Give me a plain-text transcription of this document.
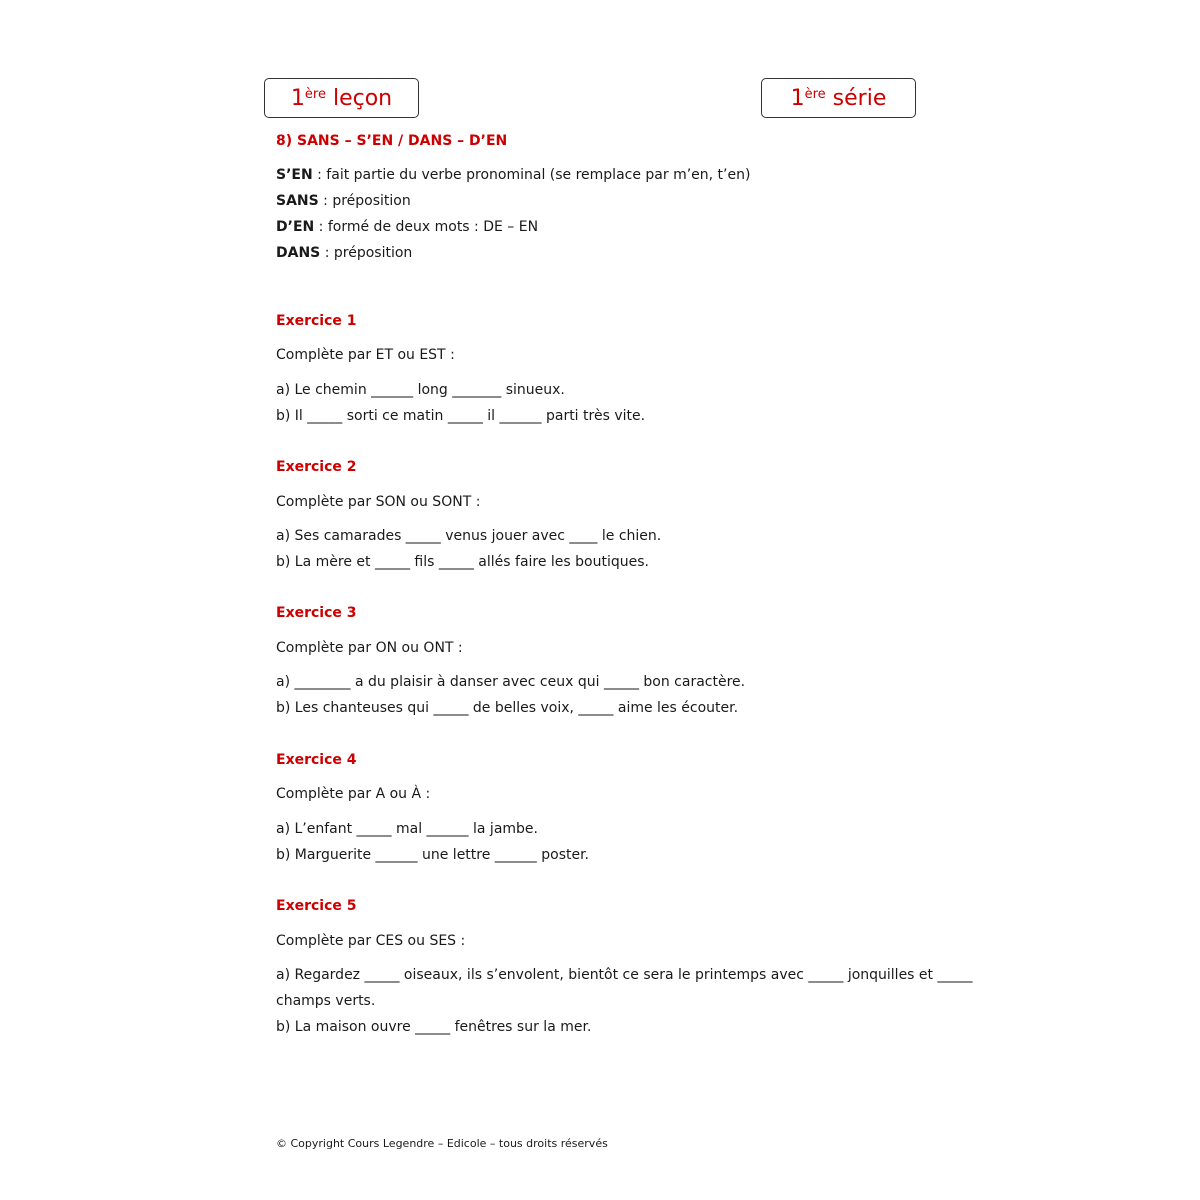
1ère
leçon	1ère
série
8) SANS – S’EN / DANS – D’EN
S’EN : fait partie du verbe pronominal (se remplace par m’en, t’en)
SANS : préposition
D’EN : formé de deux mots : DE – EN
DANS : préposition
Exercice 1
Complète par ET ou EST :
a) Le chemin ______ long _______ sinueux.
b) Il _____ sorti ce matin _____ il ______ parti très vite.
Exercice 2
Complète par SON ou SONT :
a) Ses camarades _____ venus jouer avec ____ le chien.
b) La mère et _____ fils _____ allés faire les boutiques.
Exercice 3
Complète par ON ou ONT :
a) ________ a du plaisir à danser avec ceux qui _____ bon caractère.
b) Les chanteuses qui _____ de belles voix, _____ aime les écouter.
Exercice 4
Complète par A ou À :
a) L’enfant _____ mal ______ la jambe.
b) Marguerite ______ une lettre ______ poster.
Exercice 5
Complète par CES ou SES :
a) Regardez _____ oiseaux, ils s’envolent, bientôt ce sera le printemps avec _____ jonquilles et _____
champs verts.
b) La maison ouvre _____ fenêtres sur la mer.
© Copyright Cours Legendre – Edicole – tous droits réservés
